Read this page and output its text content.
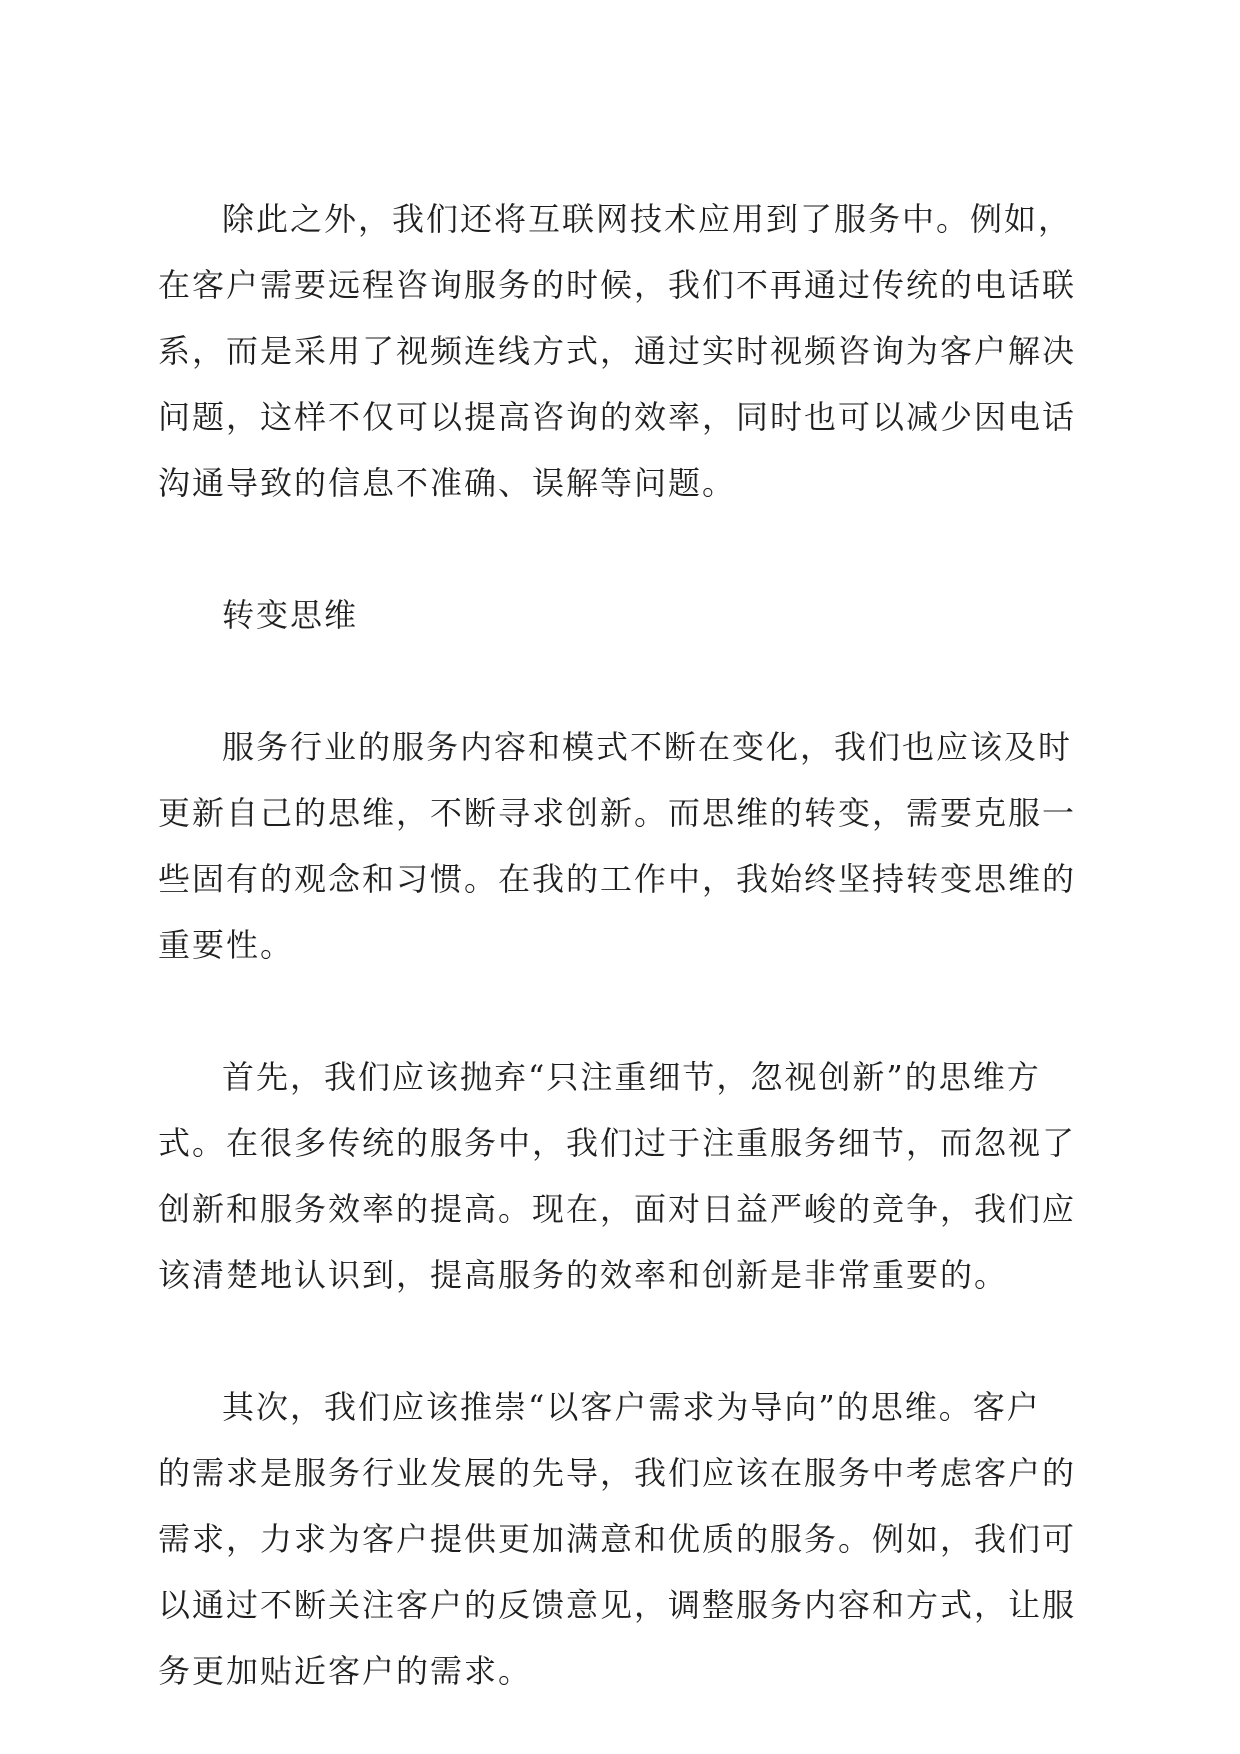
除此之外，我们还将互联网技术应用到了服务中。例如，
在客户需要远程咨询服务的时候，我们不再通过传统的电话联
系，而是采用了视频连线方式，通过实时视频咨询为客户解决
问题，这样不仅可以提高咨询的效率，同时也可以减少因电话
沟通导致的信息不准确、误解等问题。

转变思维

服务行业的服务内容和模式不断在变化，我们也应该及时
更新自己的思维，不断寻求创新。而思维的转变，需要克服一
些固有的观念和习惯。在我的工作中，我始终坚持转变思维的
重要性。

首先，我们应该抛弃“只注重细节，忽视创新”的思维方
式。在很多传统的服务中，我们过于注重服务细节，而忽视了
创新和服务效率的提高。现在，面对日益严峻的竞争，我们应
该清楚地认识到，提高服务的效率和创新是非常重要的。

其次，我们应该推崇“以客户需求为导向”的思维。客户
的需求是服务行业发展的先导，我们应该在服务中考虑客户的
需求，力求为客户提供更加满意和优质的服务。例如，我们可
以通过不断关注客户的反馈意见，调整服务内容和方式，让服
务更加贴近客户的需求。
